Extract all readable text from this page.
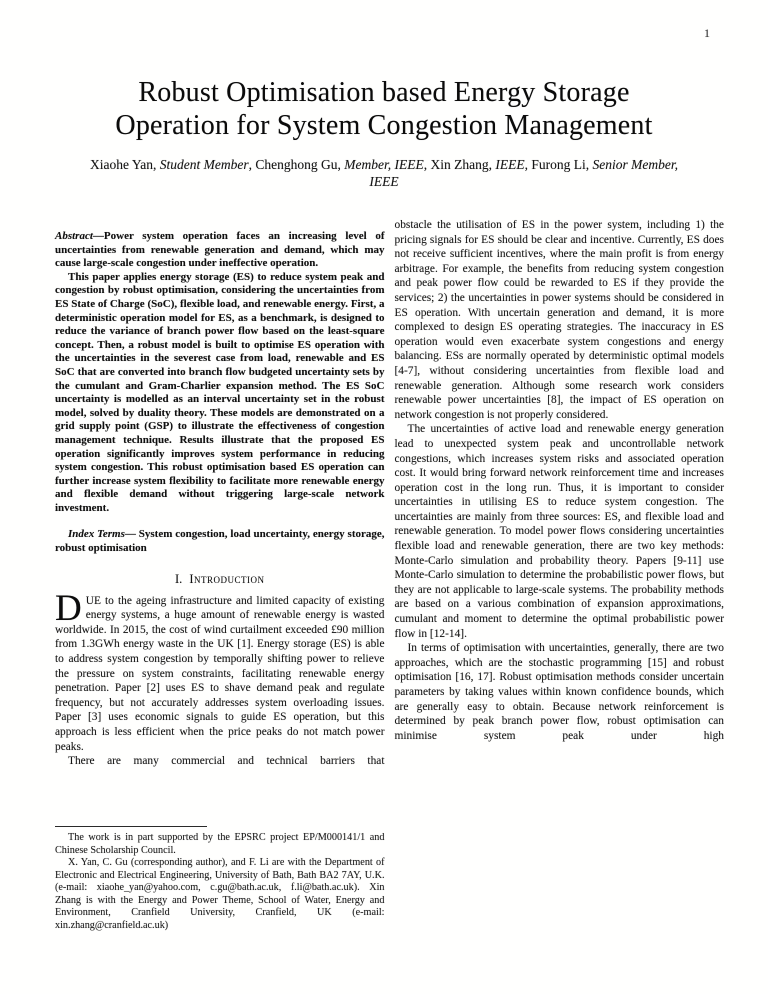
1
Robust Optimisation based Energy Storage
Operation for System Congestion Management
Xiaohe Yan, Student Member, Chenghong Gu, Member, IEEE, Xin Zhang, IEEE, Furong Li, Senior Member, IEEE

Abstract—Power system operation faces an increasing level of uncertainties from renewable generation and demand, which may cause large-scale congestion under ineffective operation.

This paper applies energy storage (ES) to reduce system peak and congestion by robust optimisation, considering the uncertainties from ES State of Charge (SoC), flexible load, and renewable energy. First, a deterministic operation model for ES, as a benchmark, is designed to reduce the variance of branch power flow based on the least-square concept. Then, a robust model is built to optimise ES operation with the uncertainties in the severest case from load, renewable and ES SoC that are converted into branch flow budgeted uncertainty sets by the cumulant and Gram-Charlier expansion method. The ES SoC uncertainty is modelled as an interval uncertainty set in the robust model, solved by duality theory. These models are demonstrated on a grid supply point (GSP) to illustrate the effectiveness of congestion management technique. Results illustrate that the proposed ES operation significantly improves system performance in reducing system congestion. This robust optimisation based ES operation can further increase system flexibility to facilitate more renewable energy and flexible demand without triggering large-scale network investment.

Index Terms— System congestion, load uncertainty, energy storage, robust optimisation

I. Introduction

DUE to the ageing infrastructure and limited capacity of existing energy systems, a huge amount of renewable energy is wasted worldwide. In 2015, the cost of wind curtailment exceeded £90 million from 1.3GWh energy waste in the UK [1]. Energy storage (ES) is able to address system congestion by temporally shifting power to relieve the pressure on system constraints, facilitating renewable energy penetration. Paper [2] uses ES to shave demand peak and regulate frequency, but not accurately addresses system overloading issues. Paper [3] uses economic signals to guide ES operation, but this approach is less efficient when the price peaks do not match power peaks.

There are many commercial and technical barriers that

The work is in part supported by the EPSRC project EP/M000141/1 and Chinese Scholarship Council.

X. Yan, C. Gu (corresponding author), and F. Li are with the Department of Electronic and Electrical Engineering, University of Bath, Bath BA2 7AY, U.K. (e-mail: xiaohe_yan@yahoo.com, c.gu@bath.ac.uk, f.li@bath.ac.uk). Xin Zhang is with the Energy and Power Theme, School of Water, Energy and Environment, Cranfield University, Cranfield, UK (e-mail: xin.zhang@cranfield.ac.uk)

obstacle the utilisation of ES in the power system, including 1) the pricing signals for ES should be clear and incentive. Currently, ES does not receive sufficient incentives, where the main profit is from energy arbitrage. For example, the benefits from reducing system congestion and peak power flow could be rewarded to ES if they provide the services; 2) the uncertainties in power systems should be considered in ES operation. With uncertain generation and demand, it is more complexed to design ES operating strategies. The inaccuracy in ES operation would even exacerbate system congestions and energy balancing. ESs are normally operated by deterministic optimal models [4-7], without considering uncertainties from flexible load and renewable generation. Although some research work considers renewable power uncertainties [8], the impact of ES operation on network congestion is not properly considered.

The uncertainties of active load and renewable energy generation lead to unexpected system peak and uncontrollable network congestions, which increases system risks and associated operation cost. It would bring forward network reinforcement time and increases operation cost in the long run. Thus, it is important to consider uncertainties in utilising ES to reduce system congestion. The uncertainties are mainly from three sources: ES, and flexible load and renewable generation. To model power flows considering uncertainties flexible load and renewable generation, there are two key methods: Monte-Carlo simulation and probability theory. Papers [9-11] use Monte-Carlo simulation to determine the probabilistic power flows, but they are not applicable to large-scale systems. The probability methods are based on a various combination of expansion approximations, cumulant and moment to determine the optimal probabilistic power flow in [12-14].

In terms of optimisation with uncertainties, generally, there are two approaches, which are the stochastic programming [15] and robust optimisation [16, 17]. Robust optimisation methods consider uncertain parameters by taking values within known confidence bounds, which are generally easy to obtain. Because network reinforcement is determined by peak branch power flow, robust optimisation can minimise system peak under high
